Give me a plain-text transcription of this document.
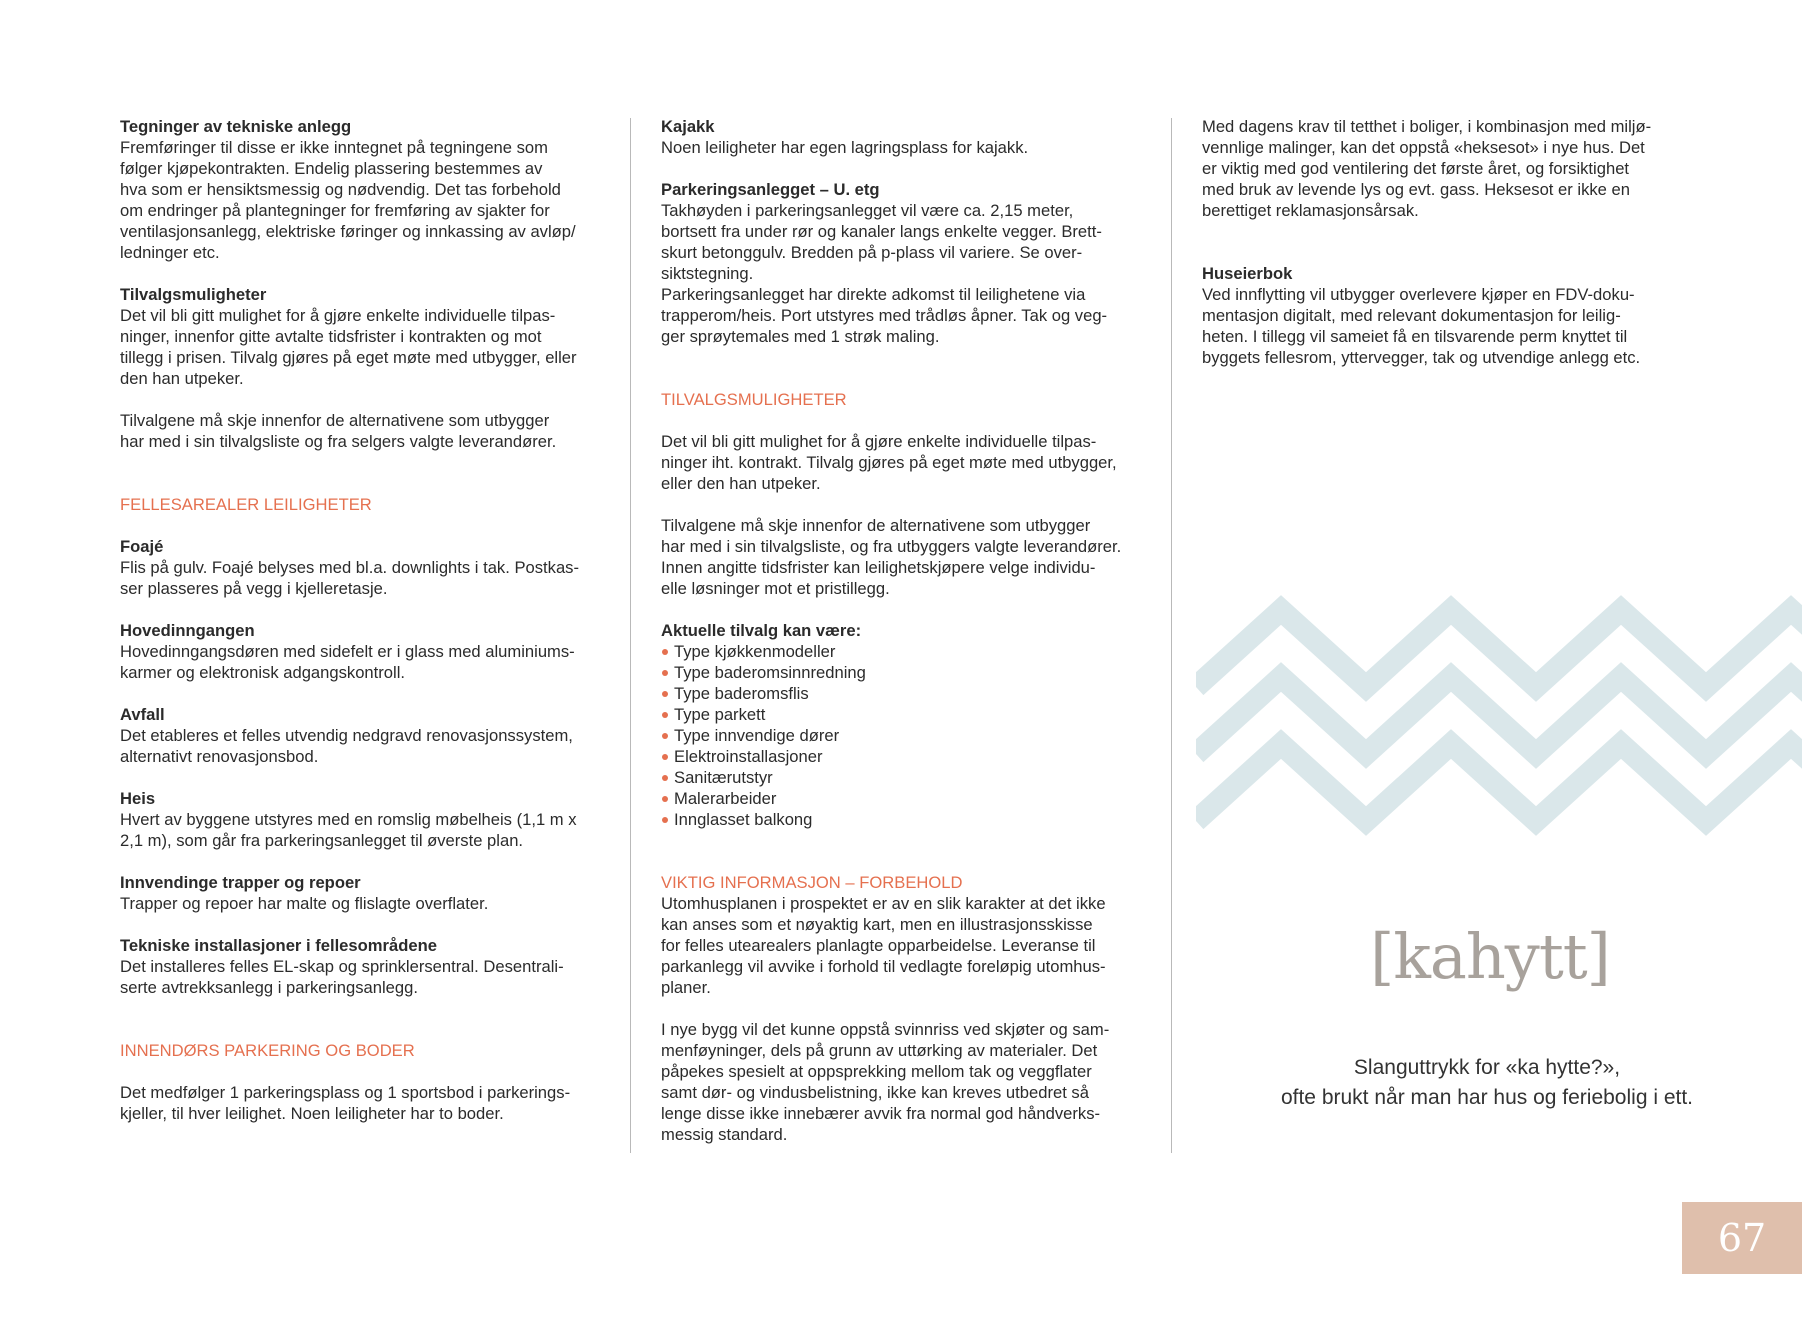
Tegninger av tekniske anlegg
Fremføringer til disse er ikke inntegnet på tegningene som
følger kjøpekontrakten. Endelig plassering bestemmes av
hva som er hensiktsmessig og nødvendig. Det tas forbehold
om endringer på plantegninger for fremføring av sjakter for
ventilasjonsanlegg, elektriske føringer og innkassing av avløp/
ledninger etc.
Tilvalgsmuligheter
Det vil bli gitt mulighet for å gjøre enkelte individuelle tilpas-
ninger, innenfor gitte avtalte tidsfrister i kontrakten og mot
tillegg i prisen. Tilvalg gjøres på eget møte med utbygger, eller
den han utpeker.
Tilvalgene må skje innenfor de alternativene som utbygger
har med i sin tilvalgsliste og fra selgers valgte leverandører.
FELLESAREALER LEILIGHETER
Foajé
Flis på gulv. Foajé belyses med bl.a. downlights i tak. Postkas-
ser plasseres på vegg i kjelleretasje.
Hovedinngangen
Hovedinngangsdøren med sidefelt er i glass med aluminiums-
karmer og elektronisk adgangskontroll.
Avfall
Det etableres et felles utvendig nedgravd renovasjonssystem,
alternativt renovasjonsbod.
Heis
Hvert av byggene utstyres med en romslig møbelheis (1,1 m x
2,1 m), som går fra parkeringsanlegget til øverste plan.
Innvendinge trapper og repoer
Trapper og repoer har malte og flislagte overflater.
Tekniske installasjoner i fellesområdene
Det installeres felles EL-skap og sprinklersentral. Desentrali-
serte avtrekksanlegg i parkeringsanlegg.
INNENDØRS PARKERING OG BODER
Det medfølger 1 parkeringsplass og 1 sportsbod i parkerings-
kjeller, til hver leilighet. Noen leiligheter har to boder.
Kajakk
Noen leiligheter har egen lagringsplass for kajakk.
Parkeringsanlegget – U. etg
Takhøyden i parkeringsanlegget vil være ca. 2,15 meter,
bortsett fra under rør og kanaler langs enkelte vegger. Brett-
skurt betonggulv. Bredden på p-plass vil variere. Se over-
siktstegning.
Parkeringsanlegget har direkte adkomst til leilighetene via
trapperom/heis. Port utstyres med trådløs åpner. Tak og veg-
ger sprøytemales med 1 strøk maling.
TILVALGSMULIGHETER
Det vil bli gitt mulighet for å gjøre enkelte individuelle tilpas-
ninger iht. kontrakt. Tilvalg gjøres på eget møte med utbygger,
eller den han utpeker.
Tilvalgene må skje innenfor de alternativene som utbygger
har med i sin tilvalgsliste, og fra utbyggers valgte leverandører.
Innen angitte tidsfrister kan leilighetskjøpere velge individu-
elle løsninger mot et pristillegg.
Aktuelle tilvalg kan være:
Type kjøkkenmodeller
Type baderomsinnredning
Type baderomsflis
Type parkett
Type innvendige dører
Elektroinstallasjoner
Sanitærutstyr
Malerarbeider
Innglasset balkong
VIKTIG INFORMASJON – FORBEHOLD
Utomhusplanen i prospektet er av en slik karakter at det ikke
kan anses som et nøyaktig kart, men en illustrasjonsskisse
for felles utearealers planlagte opparbeidelse. Leveranse til
parkanlegg vil avvike i forhold til vedlagte foreløpig utomhus-
planer.
I nye bygg vil det kunne oppstå svinnriss ved skjøter og sam-
menføyninger, dels på grunn av uttørking av materialer. Det
påpekes spesielt at oppsprekking mellom tak og veggflater
samt dør- og vindusbelistning, ikke kan kreves utbedret så
lenge disse ikke innebærer avvik fra normal god håndverks-
messig standard.
Med dagens krav til tetthet i boliger, i kombinasjon med miljø-
vennlige malinger, kan det oppstå «heksesot» i nye hus. Det
er viktig med god ventilering det første året, og forsiktighet
med bruk av levende lys og evt. gass. Heksesot er ikke en
berettiget reklamasjonsårsak.
Huseierbok
Ved innflytting vil utbygger overlevere kjøper en FDV-doku-
mentasjon digitalt, med relevant dokumentasjon for leilig-
heten. I tillegg vil sameiet få en tilsvarende perm knyttet til
byggets fellesrom, yttervegger, tak og utvendige anlegg etc.
[kahytt]
Slanguttrykk for «ka hytte?»,
ofte brukt når man har hus og feriebolig i ett.
67
